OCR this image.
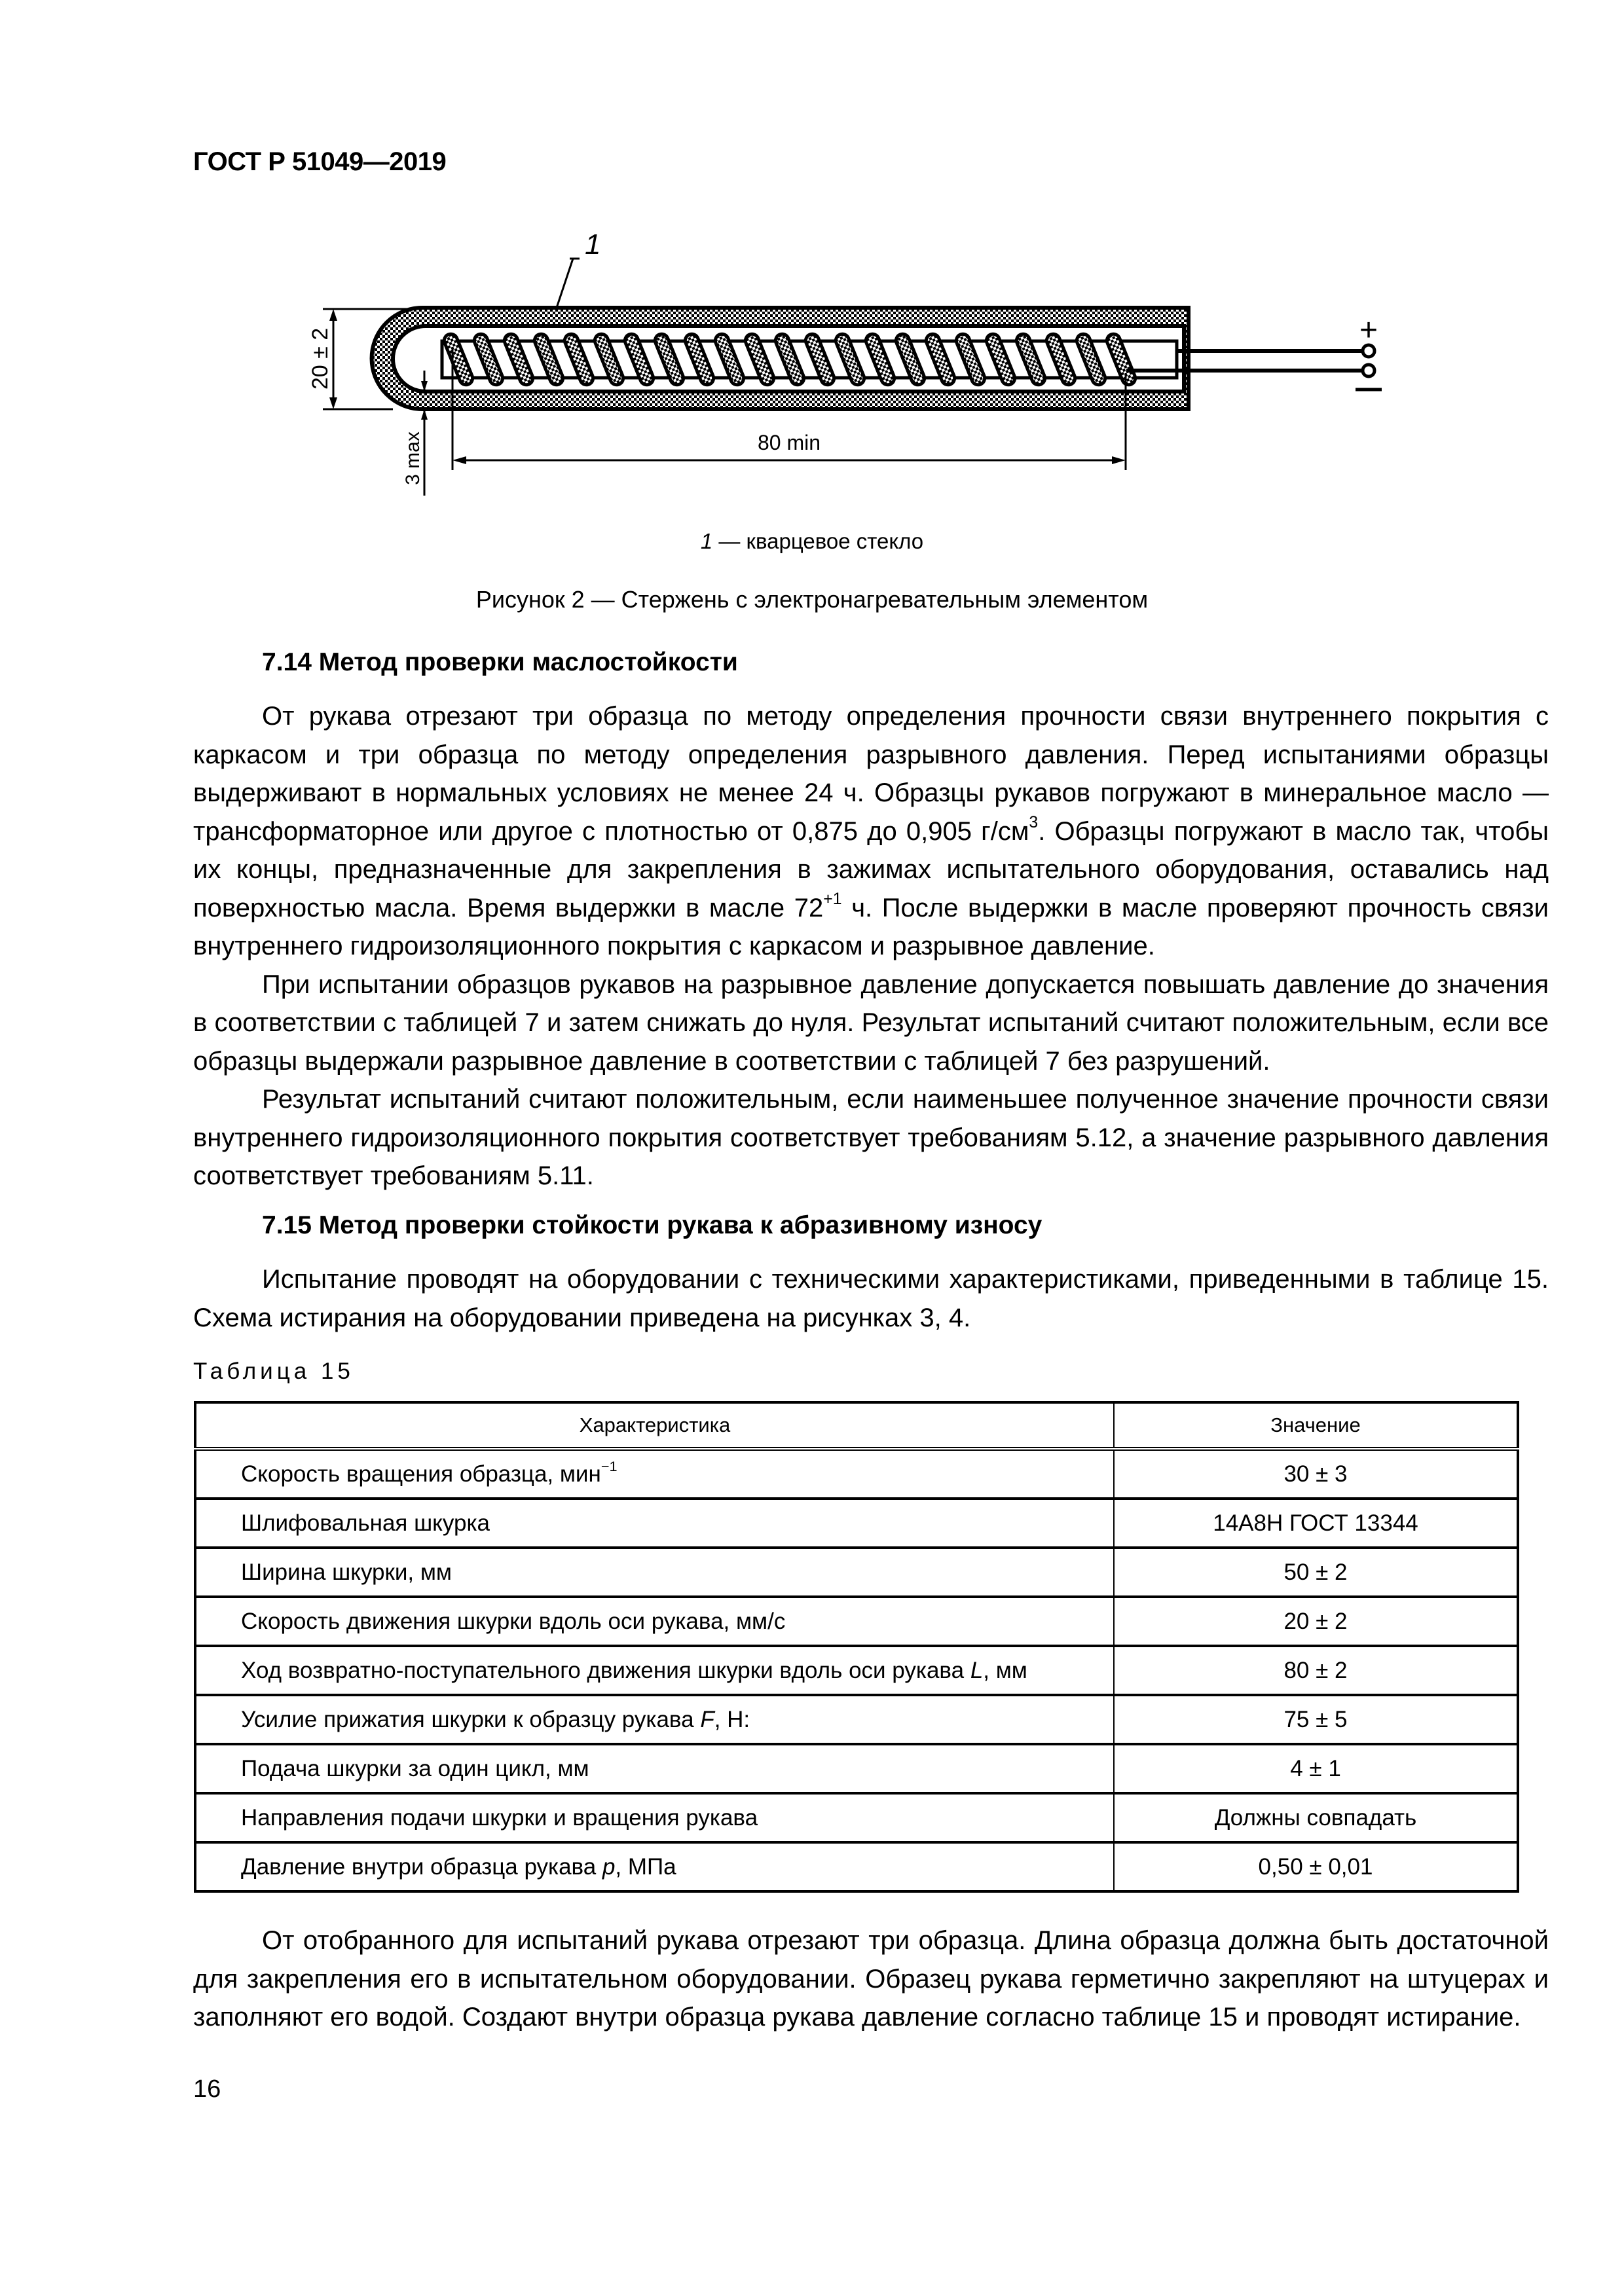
ГОСТ Р 51049—2019
+
1
20 ± 2
3 max	80 min
1 — кварцевое стекло
Рисунок 2 — Стержень с электронагревательным элементом
7.14 Метод проверки маслостойкости

От рукава отрезают три образца по методу определения прочности связи внутреннего покрытия с каркасом и три образца по методу определения разрывного давления. Перед испытаниями образцы выдерживают в нормальных условиях не менее 24 ч. Образцы рукавов погружают в минеральное масло — трансформаторное или другое с плотностью от 0,875 до 0,905 $г/см^3$. Образцы погружают в масло так, чтобы их концы, предназначенные для закрепления в зажимах испытательного оборудования, оставались над поверхностью масла. Время выдержки в масле $72^{+1}$ ч. После выдержки в масле проверяют прочность связи внутреннего гидроизоляционного покрытия с каркасом и разрывное давление.

При испытании образцов рукавов на разрывное давление допускается повышать давление до значения в соответствии с таблицей 7 и затем снижать до нуля. Результат испытаний считают положительным, если все образцы выдержали разрывное давление в соответствии с таблицей 7 без разрушений.

Результат испытаний считают положительным, если наименьшее полученное значение прочности связи внутреннего гидроизоляционного покрытия соответствует требованиям 5.12, а значение разрывного давления соответствует требованиям 5.11.

7.15 Метод проверки стойкости рукава к абразивному износу

Испытание проводят на оборудовании с техническими характеристиками, приведенными в таблице 15. Схема истирания на оборудовании приведена на рисунках 3, 4.

Таблица 15
Характеристика	Значение
Скорость вращения образца, мин$^{-1}$	30 ± 3
Шлифовальная шкурка	14А8Н ГОСТ 13344
Ширина шкурки, мм	50 ± 2
Скорость движения шкурки вдоль оси рукава, мм/с	20 ± 2
Ход возвратно-поступательного движения шкурки вдоль оси рукава L, мм	80 ± 2
Усилие прижатия шкурки к образцу рукава F, Н:	75 ± 5
Подача шкурки за один цикл, мм	4 ± 1
Направления подачи шкурки и вращения рукава	Должны совпадать
Давление внутри образца рукава p, МПа	0,50 ± 0,01

От отобранного для испытаний рукава отрезают три образца. Длина образца должна быть достаточной для закрепления его в испытательном оборудовании. Образец рукава герметично закрепляют на штуцерах и заполняют его водой. Создают внутри образца рукава давление согласно таблице 15 и проводят истирание.

16
